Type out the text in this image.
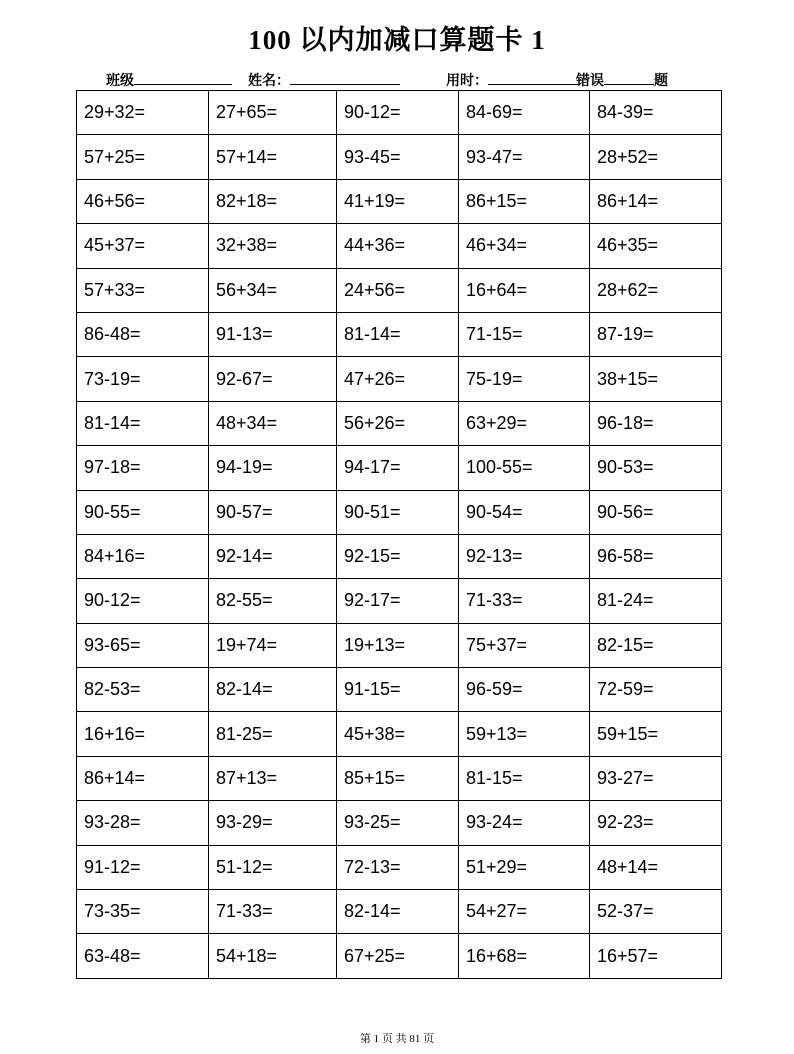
100 以内加减口算题卡 1
班级	姓名：	用时：	错误	题
29+32=	27+65=	90-12=	84-69=	84-39=
57+25=	57+14=	93-45=	93-47=	28+52=
46+56=	82+18=	41+19=	86+15=	86+14=
45+37=	32+38=	44+36=	46+34=	46+35=
57+33=	56+34=	24+56=	16+64=	28+62=
86-48=	91-13=	81-14=	71-15=	87-19=
73-19=	92-67=	47+26=	75-19=	38+15=
81-14=	48+34=	56+26=	63+29=	96-18=
97-18=	94-19=	94-17=	100-55=	90-53=
90-55=	90-57=	90-51=	90-54=	90-56=
84+16=	92-14=	92-15=	92-13=	96-58=
90-12=	82-55=	92-17=	71-33=	81-24=
93-65=	19+74=	19+13=	75+37=	82-15=
82-53=	82-14=	91-15=	96-59=	72-59=
16+16=	81-25=	45+38=	59+13=	59+15=
86+14=	87+13=	85+15=	81-15=	93-27=
93-28=	93-29=	93-25=	93-24=	92-23=
91-12=	51-12=	72-13=	51+29=	48+14=
73-35=	71-33=	82-14=	54+27=	52-37=
63-48=	54+18=	67+25=	16+68=	16+57=
第 1 页 共 81 页
